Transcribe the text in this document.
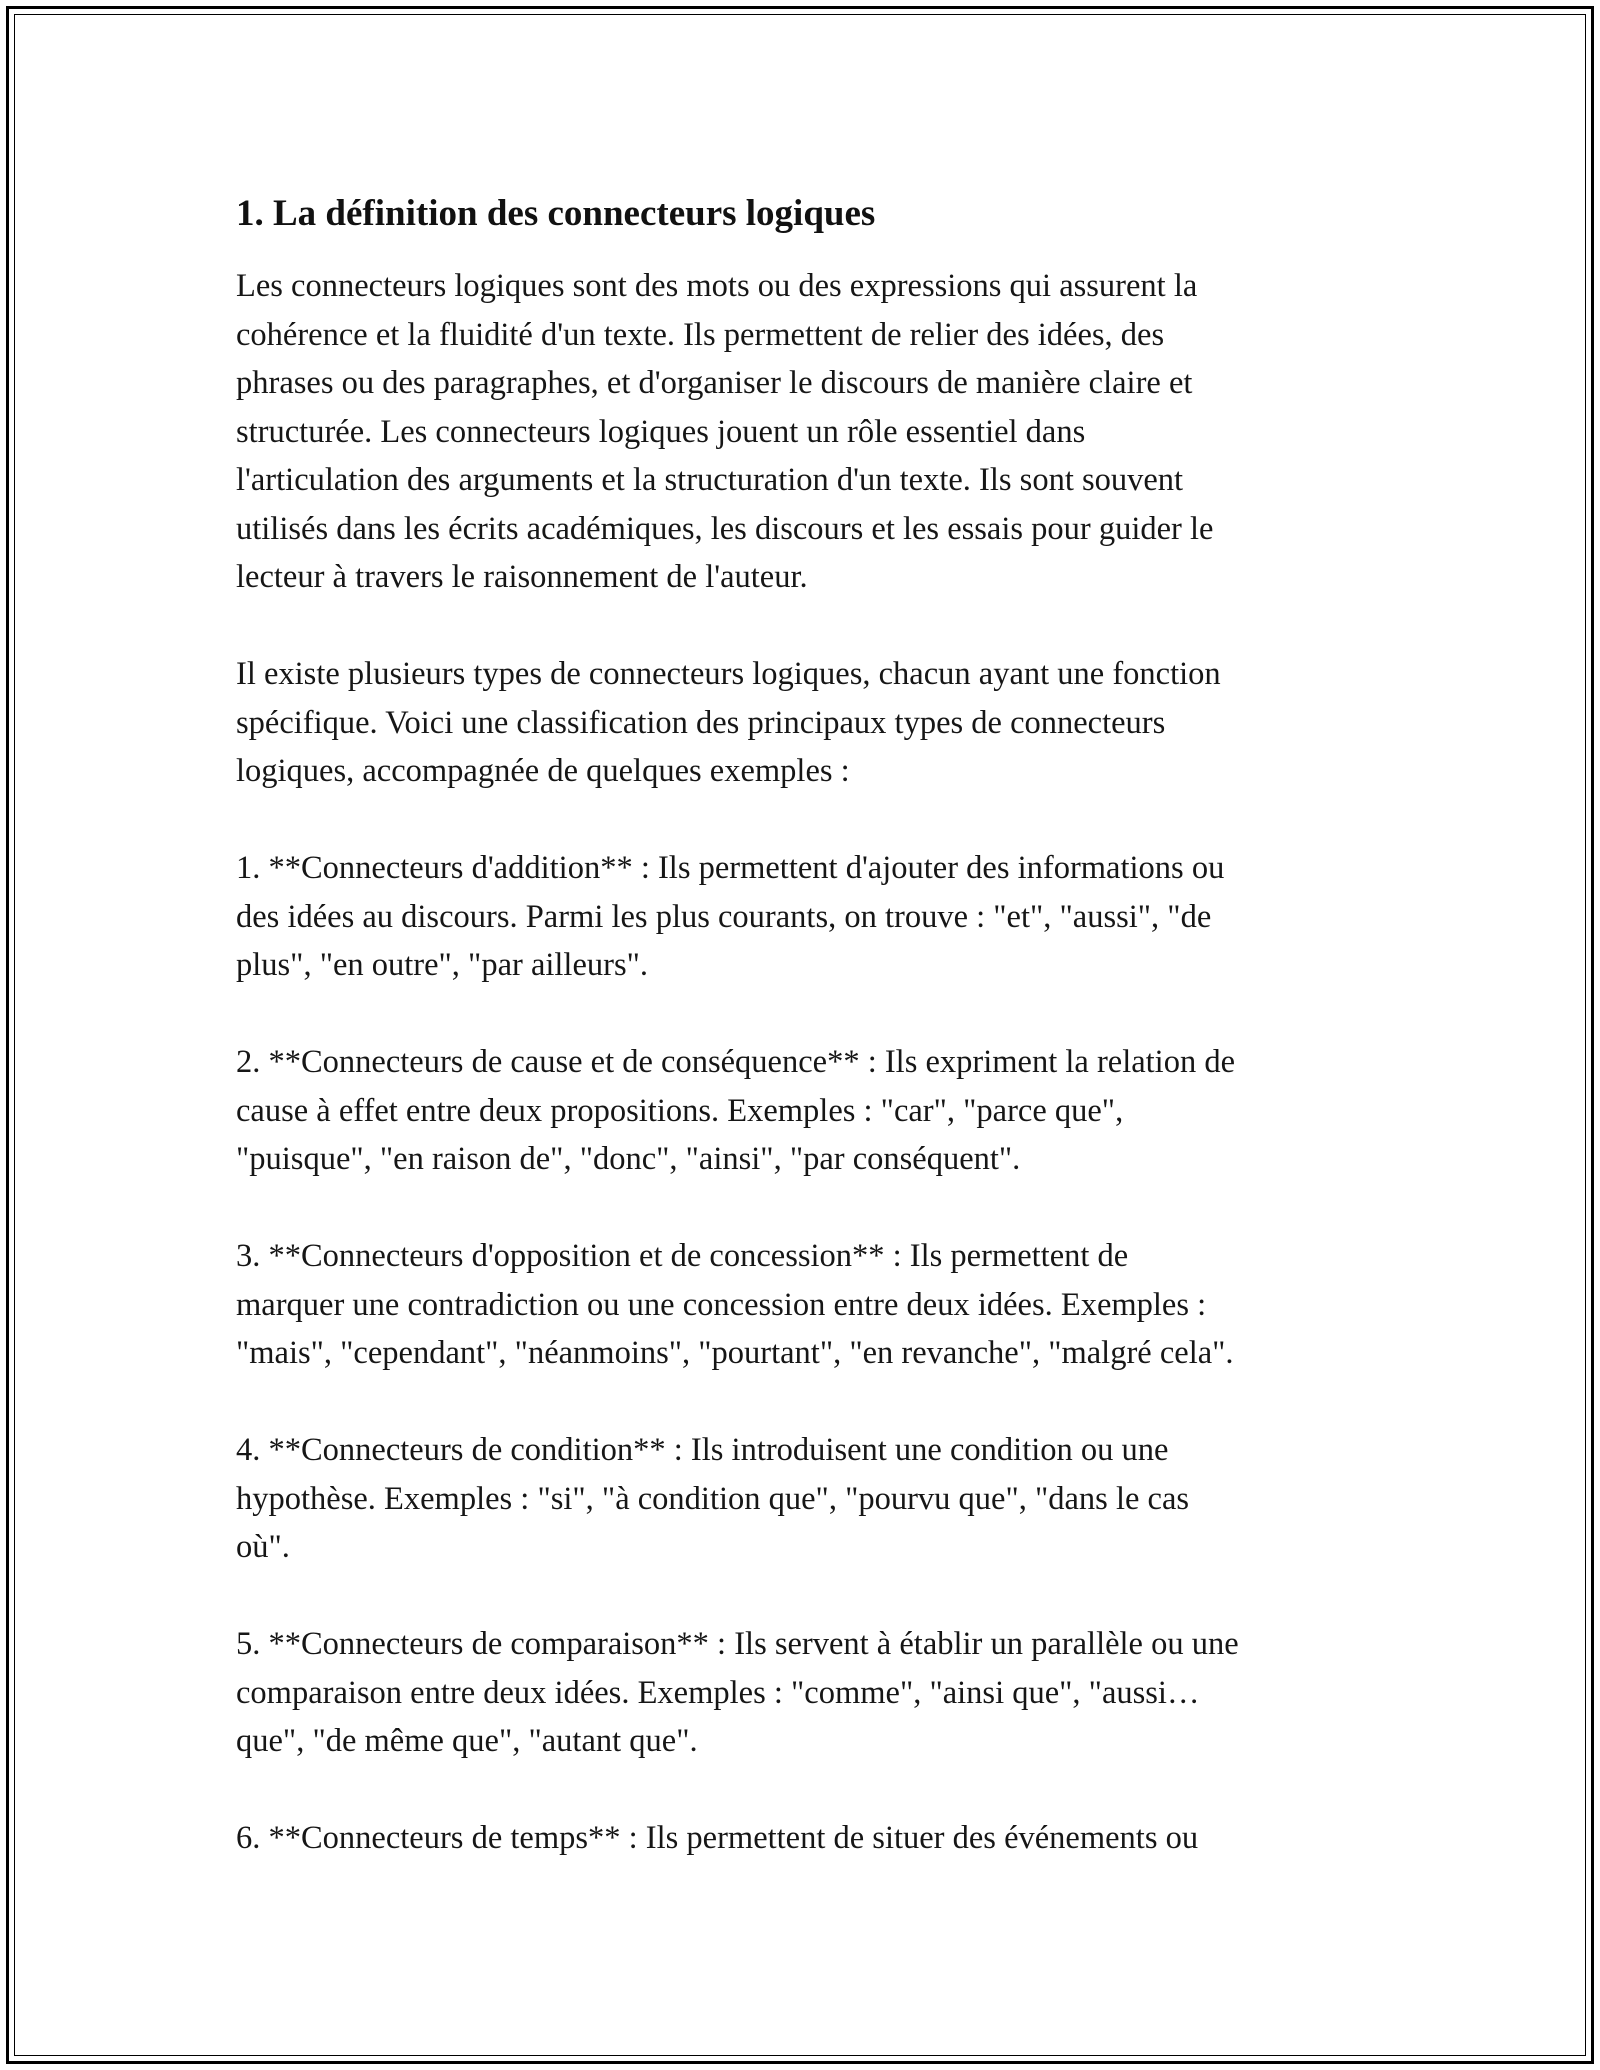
1. La définition des connecteurs logiques

Les connecteurs logiques sont des mots ou des expressions qui assurent la
cohérence et la fluidité d'un texte. Ils permettent de relier des idées, des
phrases ou des paragraphes, et d'organiser le discours de manière claire et
structurée. Les connecteurs logiques jouent un rôle essentiel dans
l'articulation des arguments et la structuration d'un texte. Ils sont souvent
utilisés dans les écrits académiques, les discours et les essais pour guider le
lecteur à travers le raisonnement de l'auteur.

Il existe plusieurs types de connecteurs logiques, chacun ayant une fonction
spécifique. Voici une classification des principaux types de connecteurs
logiques, accompagnée de quelques exemples :

1. **Connecteurs d'addition** : Ils permettent d'ajouter des informations ou
des idées au discours. Parmi les plus courants, on trouve : "et", "aussi", "de
plus", "en outre", "par ailleurs".

2. **Connecteurs de cause et de conséquence** : Ils expriment la relation de
cause à effet entre deux propositions. Exemples : "car", "parce que",
"puisque", "en raison de", "donc", "ainsi", "par conséquent".

3. **Connecteurs d'opposition et de concession** : Ils permettent de
marquer une contradiction ou une concession entre deux idées. Exemples :
"mais", "cependant", "néanmoins", "pourtant", "en revanche", "malgré cela".

4. **Connecteurs de condition** : Ils introduisent une condition ou une
hypothèse. Exemples : "si", "à condition que", "pourvu que", "dans le cas
où".

5. **Connecteurs de comparaison** : Ils servent à établir un parallèle ou une
comparaison entre deux idées. Exemples : "comme", "ainsi que", "aussi…
que", "de même que", "autant que".

6. **Connecteurs de temps** : Ils permettent de situer des événements ou
